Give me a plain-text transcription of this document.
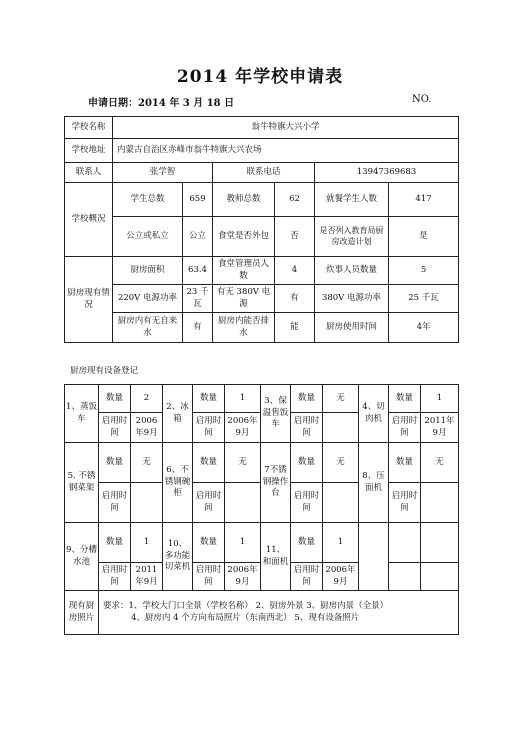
2014 年学校申请表
申请日期：2014 年 3 月 18 日	NO.
学校名称	翁牛特旗大兴小学					
学校地址	内蒙古自治区赤峰市翁牛特旗大兴农场					
联系人	张学智		联系电话		13947369683	
学校概况	学生总数	659	教师总数	62	就餐学生人数	417
	公立或私立	公立	食堂是否外包	否	是否列入教育局厨房改造计划	是
厨房现有情况	厨房面积	63.4	食堂管理员人数	4	炊事人员数量	5
	220V 电源功率	23 千瓦	有无 380V 电源	有	380V 电源功率	25 千瓦
	厨房内有无自来水	有	厨房内能否排水	能	厨房使用时间	4年
厨房现有设备登记
1、蒸饭车	数量	2	2、冰箱	数量	1	3、保温售饭车	数量	无	4、切肉机	数量	1
	启用时间	2006年9月		启用时间	2006年9月		启用时间			启用时间	2011年9月
5. 不锈钢菜架	数量	无	6、不锈钢碗柜	数量	无	7不锈钢操作台	数量	无	8、压面机	数量	无
	启用时间			启用时间			启用时间			启用时间	
9、分槽水池	数量	1	10、多功能切菜机	数量	1	11、和面机	数量	1			
	启用时间	2011年9月		启用时间	2006年9月		启用时间	2006年9月			
现有厨房照片	要求：1、学校大门口全景（学校名称） 2、厨房外景 3、厨房内景（全景）
4、厨房内 4 个方向布局照片（东南西北） 5、现有设备照片										
